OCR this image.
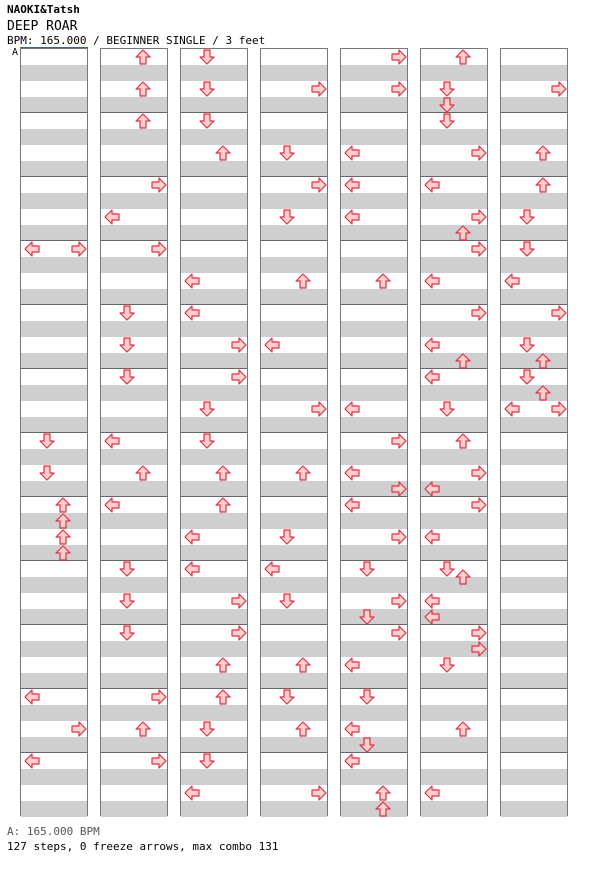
NAOKI&Tatsh
DEEP ROAR
BPM: 165.000 / BEGINNER SINGLE / 3 feet
A
A: 165.000 BPM
127 steps, 0 freeze arrows, max combo 131
